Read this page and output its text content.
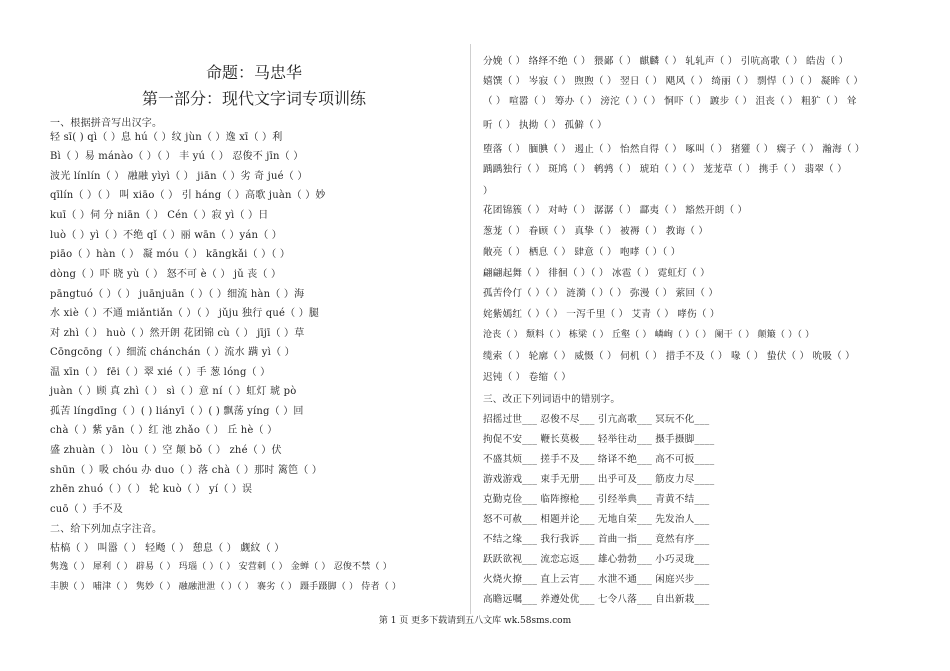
命题：马忠华
第一部分：现代文字词专项训练
一、根据拼音写出汉字。
轻 sī( ) qì（ ）息 hú（ ）纹 jùn（ ）逸 xī（ ）利
Bì（ ）易 mánào（ ）（ ） 丰 yú（ ） 忍俊不 jīn（ ）
波光 línlín（ ） 融融 yìyì（ ） jiān（ ）劣 奇 jué（ ）
qīlín（ ）（ ） 叫 xiāo（ ） 引 háng（ ）高歌 juàn（ ）妙
kuī（ ）伺 分 niān（ ） Cén（ ）寂 yì（ ）日
luò（ ）yì（ ）不绝 qǐ（ ）丽 wān（ ）yán（ ）
piāo（ ）hàn（ ） 凝 móu（ ） kāngkǎi（ ）（ ）
dòng（ ）吓 晓 yù（ ） 怒不可 è（ ） jǔ 丧（ ）
pāngtuó（ ）（ ） juānjuān（ ）（ ）细流 hàn（ ）海
水 xiè（ ）不通 miǎntiǎn（ ）（ ） jǔju 独行 qué（ ）腿
对 zhì（ ） huò（ ）然开朗 花团锦 cù（ ） jījī（ ）草
Cōngcōng（ ）细流 chánchán（ ）流水 蹒 yì（ ）
温 xīn（ ） fēi（ ）翠 xié（ ）手 葱 lóng（ ）
juàn（ ）顾 真 zhì（ ） sì（ ）意 ní（ ）虹灯 琥 pò
孤苦 língdīng（ ）( ) liányī（ ）( ) 飘荡 yíng（ ）回
chà（ ）紫 yān（ ）红 池 zhǎo（ ） 丘 hè（ ）
盛 zhuàn（ ） lòu（ ）空 颠 bǒ（ ） zhé（ ）伏
shūn（ ）吸 chóu 办 duo（ ）落 chà（ ）那时 篱笆（ ）
zhēn zhuó（ ）（ ） 轮 kuò（ ） yí（ ）误
cuō（ ）手不及
二、给下列加点字注音。
枯槁（ ） 叫嚣（ ） 轻飏（ ） 憩息（ ） 觑紋（ ）
隽逸（ ） 犀利（ ） 辟易（ ） 玛瑙（ ）（ ） 安营刺（ ） 金蝉（ ） 忍俊不禁（ ）
丰腴（ ） 哺津（ ） 隽妙（ ） 融融泄泄（ ）（ ） 褰劣（ ） 蹑手蹑脚（ ） 侍者（ ）
分娩（ ） 络绎不绝（ ） 猥鄙（ ） 麒麟（ ） 轧轧声（ ） 引吭高歌（ ） 皓齿（ ）
嬉馔（ ） 岑寂（ ） 煦煦（ ） 翌日（ ） 飓风（ ） 绮丽（ ） 剽悍（ ）（ ） 凝眸（ ）
（ ） 喧嚣（ ） 筹办（ ） 滂沱（ ）（ ） 恫吓（ ） 踱步（ ） 沮丧（ ） 粗犷（ ） 耸
听（ ） 执拗（ ） 孤僻（ ）
堕落（ ） 腼腆（ ） 遏止（ ） 怡然自得（ ） 啄叫（ ） 猪獾（ ） 瘸子（ ） 瀚海（ ）
踽踽独行（ ） 斑鸠（ ） 鹌鹑（ ） 琥珀（ ）（ ） 茏茏草（ ） 携手（ ） 翡翠（ ）
）
花团锦簇（ ） 对峙（ ） 潺潺（ ） 酃夷（ ） 豁然开朗（ ）
葱茏（ ） 眷顾（ ） 真挚（ ） 被褥（ ） 教诲（ ）
敞亮（ ） 栖息（ ） 肆意（ ） 咆哮（ ）（ ）
翩翩起舞（ ） 徘徊（ ）（ ） 冰雹（ ） 霓虹灯（ ）
孤苦伶仃（ ）（ ） 涟漪（ ）（ ） 弥漫（ ） 萦回（ ）
姹紫嫣红（ ）（ ） 一泻千里（ ） 艾青（ ） 哮伤（ ）
沧丧（ ） 颓料（ ） 栋梁（ ） 丘壑（ ） 嶙峋（ ）（ ） 阑干（ ） 颠簸（ ）（ ）
缆索（ ） 轮廓（ ） 威慑（ ） 伺机（ ） 措手不及（ ） 喙（ ） 蛰伏（ ） 吮吸（ ）
迟钝（ ） 卷缩（ ）
三、改正下列词语中的错别字。
招摇过世___ 忍俊不尽___ 引亢高歌___ 冥玩不化___
拘促不安___ 鞭长莫极___ 轻举往动___ 摄手摄脚____
不盛其烦___ 搓手不及___ 络译不绝___ 高不可扳____
游戏游戏___ 束手无册___ 出乎可及___ 筋皮力尽____
克勤克俭___ 临阵擦枪___ 引经举典___ 青黄不结___
怒不可赦___ 相题并论___ 无地自荣___ 先发治人___
不结之缘___ 我行我诉___ 首曲一指___ 竟然有序___
跃跃欲视___ 流恋忘返___ 雄心勃勃___ 小巧灵珑___
火烧火撩___ 直上云宵___ 水泄不通___ 闲庭兴步___
高瞻远嘱___ 养遵处优___ 七令八落___ 自出新栽___
第 1 页 更多下载请到五八文库 wk.58sms.com
